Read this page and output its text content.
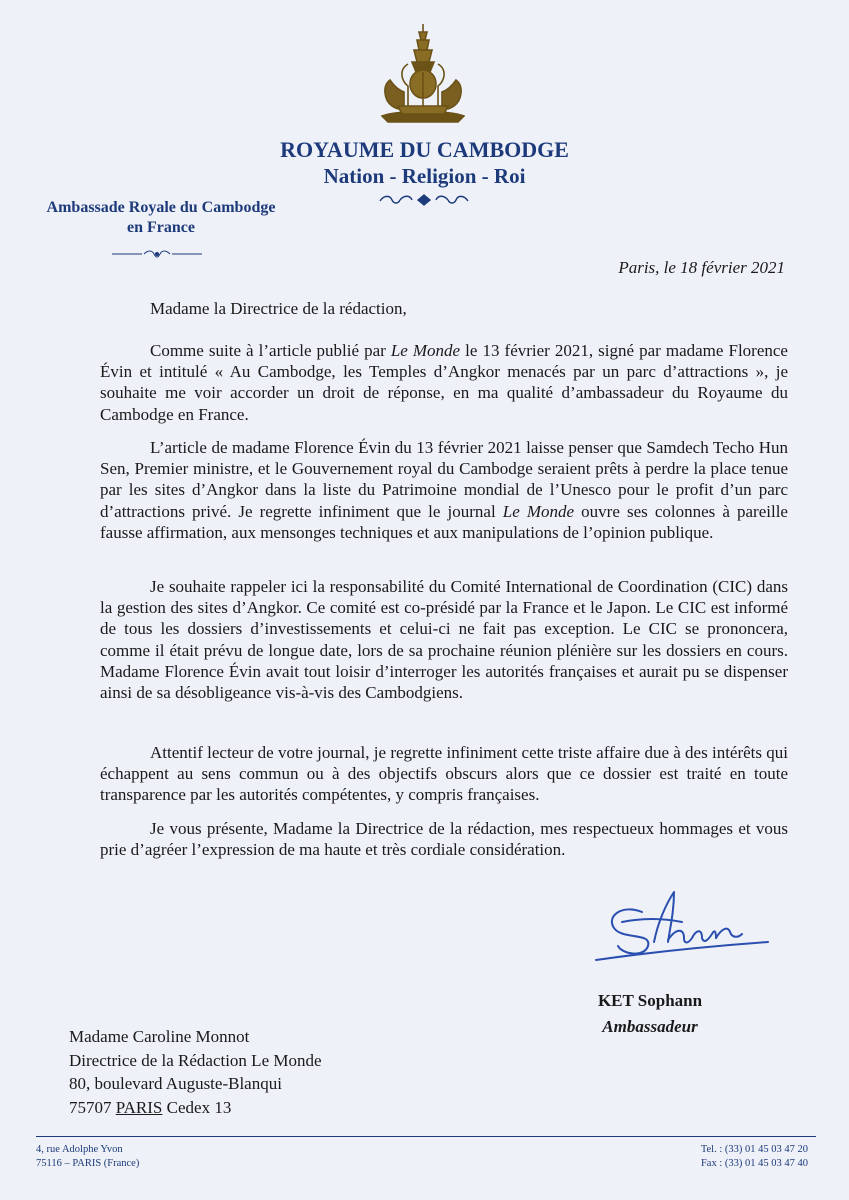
ROYAUME DU CAMBODGE
Nation - Religion - Roi
Ambassade Royale du Cambodge
en France
Paris, le 18 février 2021
Madame la Directrice de la rédaction,
Comme suite à l’article publié par Le Monde le 13 février 2021, signé par madame Florence Évin et intitulé « Au Cambodge, les Temples d’Angkor menacés par un parc d’attractions », je souhaite me voir accorder un droit de réponse, en ma qualité d’ambassadeur du Royaume du Cambodge en France.
L’article de madame Florence Évin du 13 février 2021 laisse penser que Samdech Techo Hun Sen, Premier ministre, et le Gouvernement royal du Cambodge seraient prêts à perdre la place tenue par les sites d’Angkor dans la liste du Patrimoine mondial de l’Unesco pour le profit d’un parc d’attractions privé. Je regrette infiniment que le journal Le Monde ouvre ses colonnes à pareille fausse affirmation, aux mensonges techniques et aux manipulations de l’opinion publique.
Je souhaite rappeler ici la responsabilité du Comité International de Coordination (CIC) dans la gestion des sites d’Angkor. Ce comité est co-présidé par la France et le Japon. Le CIC est informé de tous les dossiers d’investissements et celui-ci ne fait pas exception. Le CIC se prononcera, comme il était prévu de longue date, lors de sa prochaine réunion plénière sur les dossiers en cours. Madame Florence Évin avait tout loisir d’interroger les autorités françaises et aurait pu se dispenser ainsi de sa désobligeance vis-à-vis des Cambodgiens.
Attentif lecteur de votre journal, je regrette infiniment cette triste affaire due à des intérêts qui échappent au sens commun ou à des objectifs obscurs alors que ce dossier est traité en toute transparence par les autorités compétentes, y compris françaises.
Je vous présente, Madame la Directrice de la rédaction, mes respectueux hommages et vous prie d’agréer l’expression de ma haute et très cordiale considération.
KET Sophann
Ambassadeur
Madame Caroline Monnot
Directrice de la Rédaction Le Monde
80, boulevard Auguste-Blanqui
75707 PARIS Cedex 13
4, rue Adolphe Yvon
75116 – PARIS (France)
Tel. : (33) 01 45 03 47 20
Fax : (33) 01 45 03 47 40
